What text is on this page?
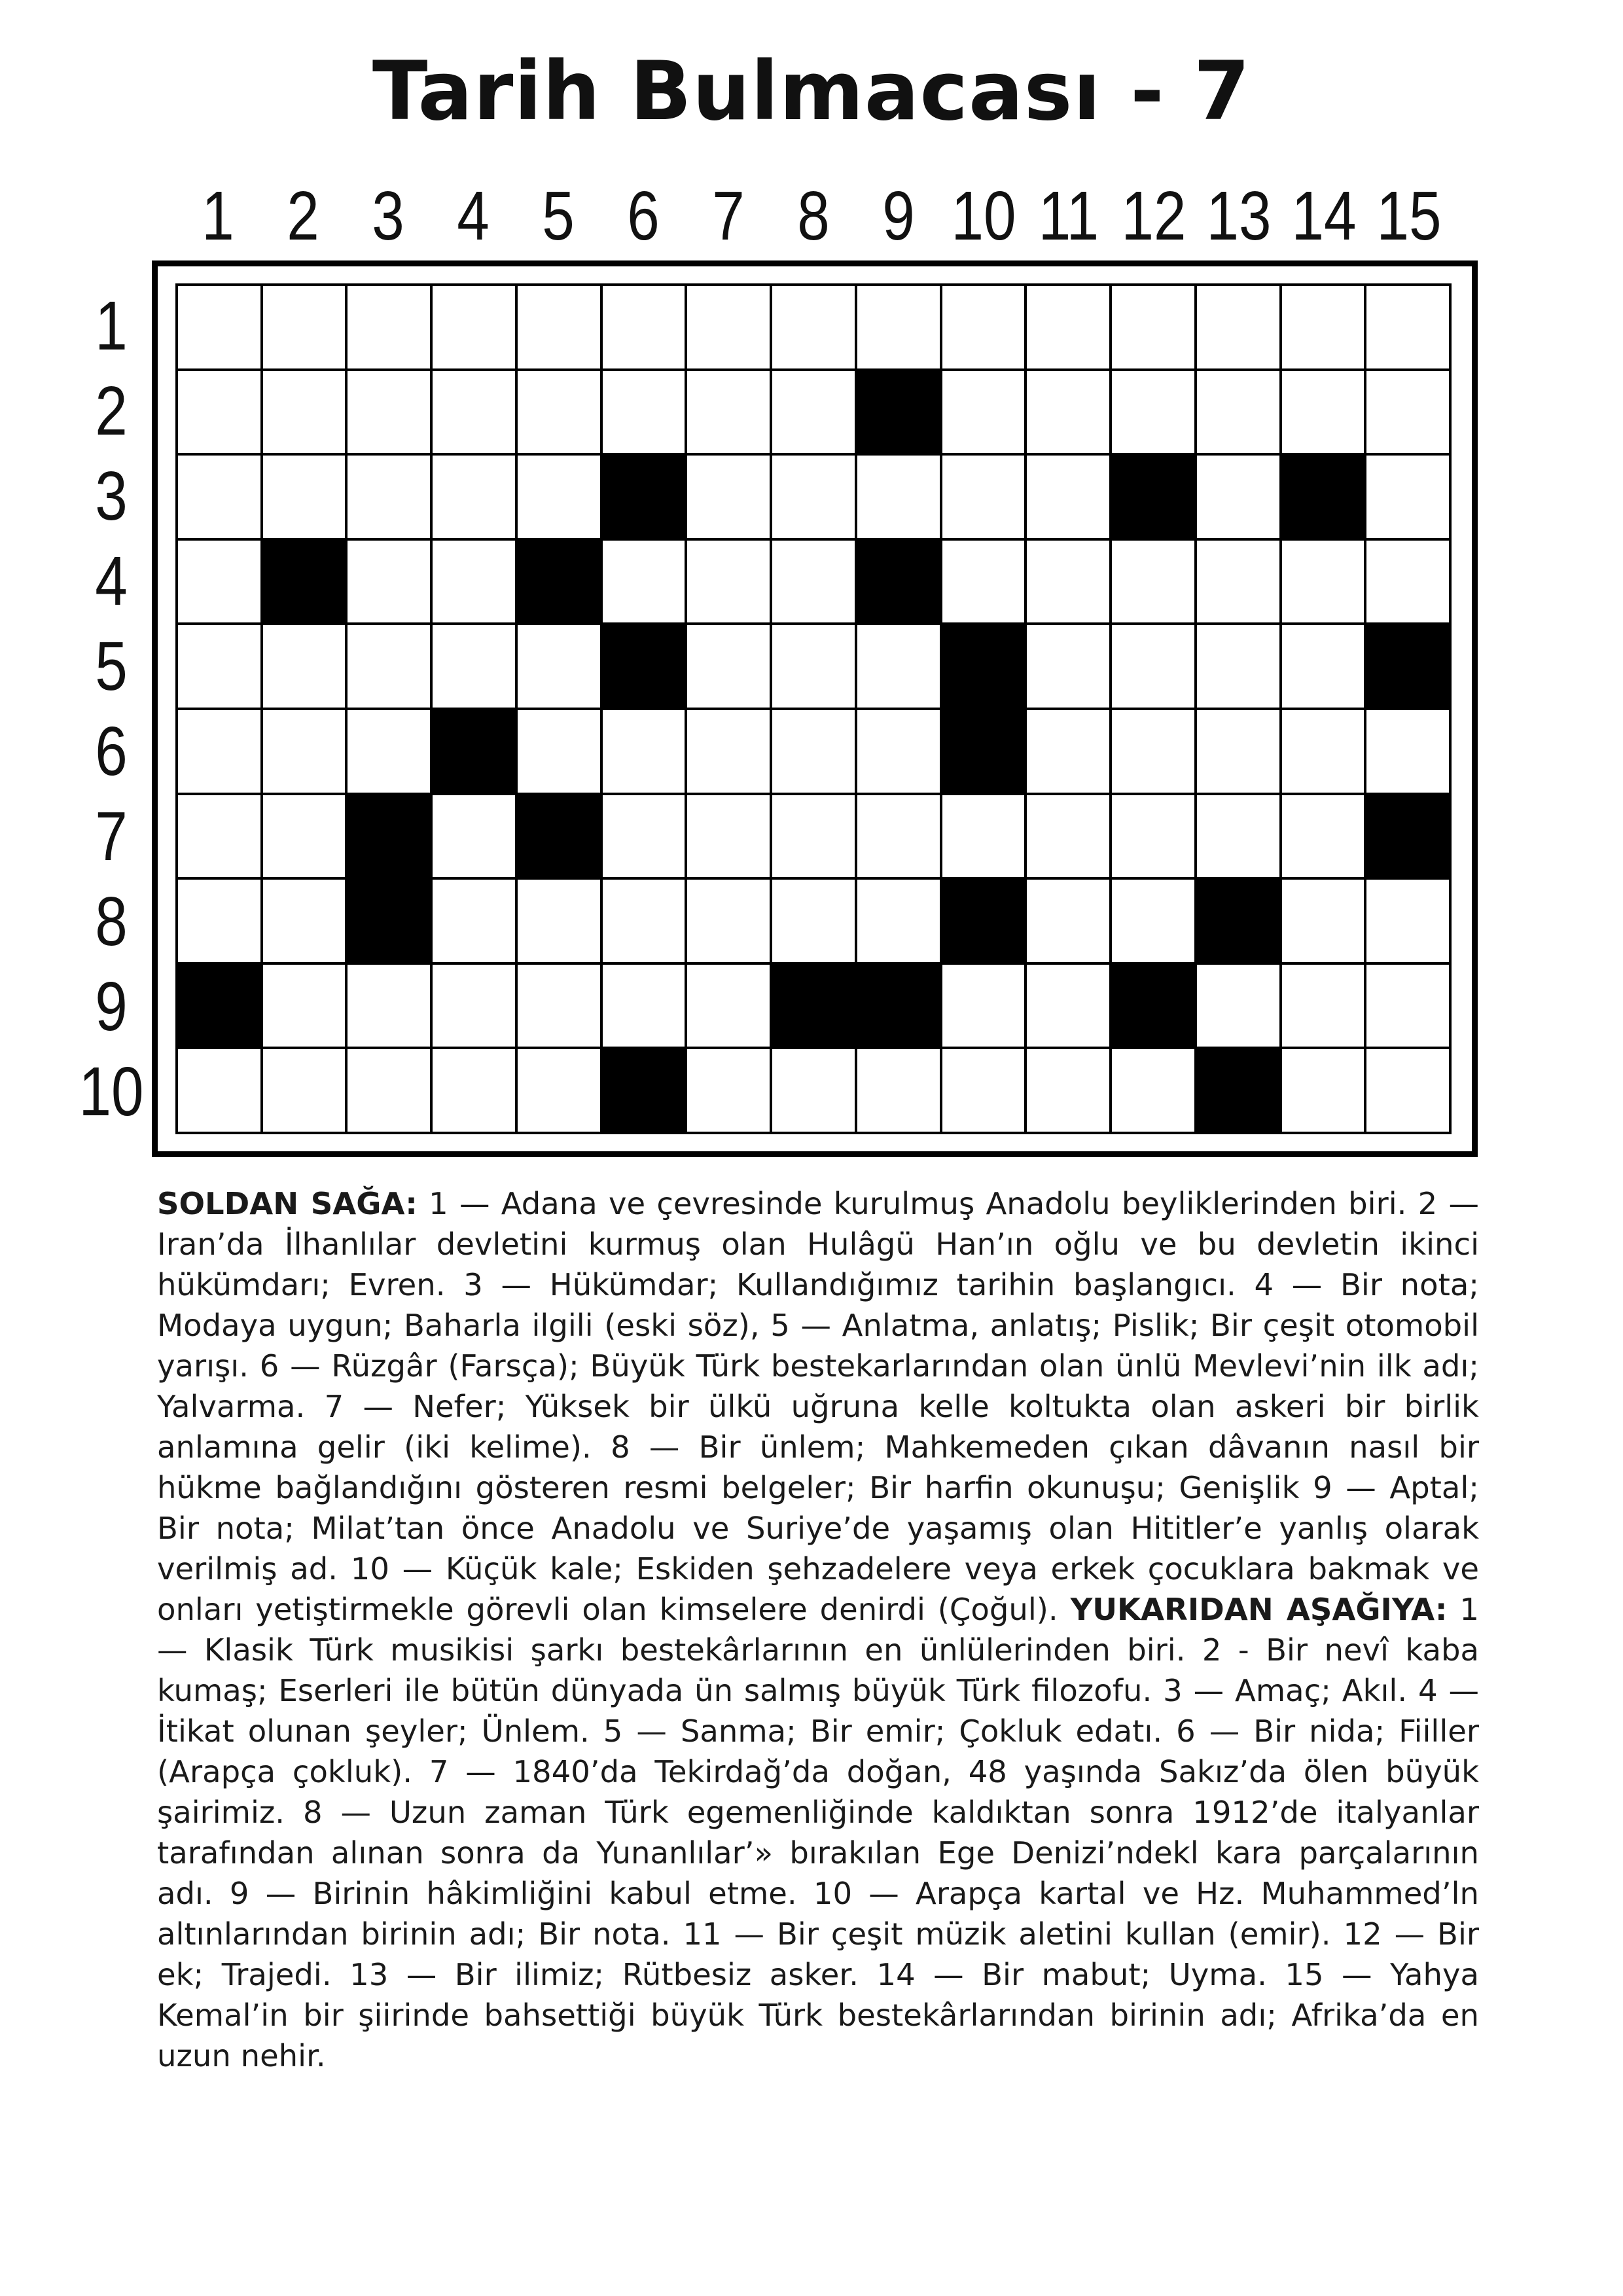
Tarih Bulmacası - 7
1 2 3 4 5 6 7 8 9 10 11 12 13 14 15
1
2
3
4
5
6
7
8
9
10

SOLDAN SAĞA: 1 — Adana ve çevresinde kurulmuş Anadolu beyliklerinden biri. 2 — Iran’da İlhanlılar devletini kurmuş olan Hulâgü Han’ın oğlu ve bu devletin ikinci hükümdarı; Evren. 3 — Hükümdar; Kullandığımız tarihin başlangıcı. 4 — Bir nota; Modaya uygun; Baharla ilgili (eski söz), 5 — Anlatma, anlatış; Pislik; Bir çeşit otomobil yarışı. 6 — Rüzgâr (Farsça); Büyük Türk bestekarlarından olan ünlü Mevlevi’nin ilk adı; Yalvarma. 7 — Nefer; Yüksek bir ülkü uğruna kelle koltukta olan askeri bir birlik anlamına gelir (iki kelime). 8 — Bir ünlem; Mahkemeden çıkan dâvanın nasıl bir hükme bağlandığını gösteren resmi belgeler; Bir harfin okunuşu; Genişlik 9 — Aptal; Bir nota; Milat’tan önce Anadolu ve Suriye’de yaşamış olan Hititler’e yanlış olarak verilmiş ad. 10 — Küçük kale; Eskiden şehzadelere veya erkek çocuklara bakmak ve onları yetiştirmekle görevli olan kimselere denirdi (Çoğul). YUKARIDAN AŞAĞIYA: 1 — Klasik Türk musikisi şarkı bestekârlarının en ünlülerinden biri. 2 - Bir nevî kaba kumaş; Eserleri ile bütün dünyada ün salmış büyük Türk filozofu. 3 — Amaç; Akıl. 4 — İtikat olunan şeyler; Ünlem. 5 — Sanma; Bir emir; Çokluk edatı. 6 — Bir nida; Fiiller (Arapça çokluk). 7 — 1840’da Tekirdağ’da doğan, 48 yaşında Sakız’da ölen büyük şairimiz. 8 — Uzun zaman Türk egemenliğinde kaldıktan sonra 1912’de italyanlar tarafından alınan sonra da Yunanlılar’» bırakılan Ege Denizi’ndekl kara parçalarının adı. 9 — Birinin hâkimliğini kabul etme. 10 — Arapça kartal ve Hz. Muhammed’ln altınlarından birinin adı; Bir nota. 11 — Bir çeşit müzik aletini kullan (emir). 12 — Bir ek; Trajedi. 13 — Bir ilimiz; Rütbesiz asker. 14 — Bir mabut; Uyma. 15 — Yahya Kemal’in bir şiirinde bahsettiği büyük Türk bestekârlarından birinin adı; Afrika’da en uzun nehir.
